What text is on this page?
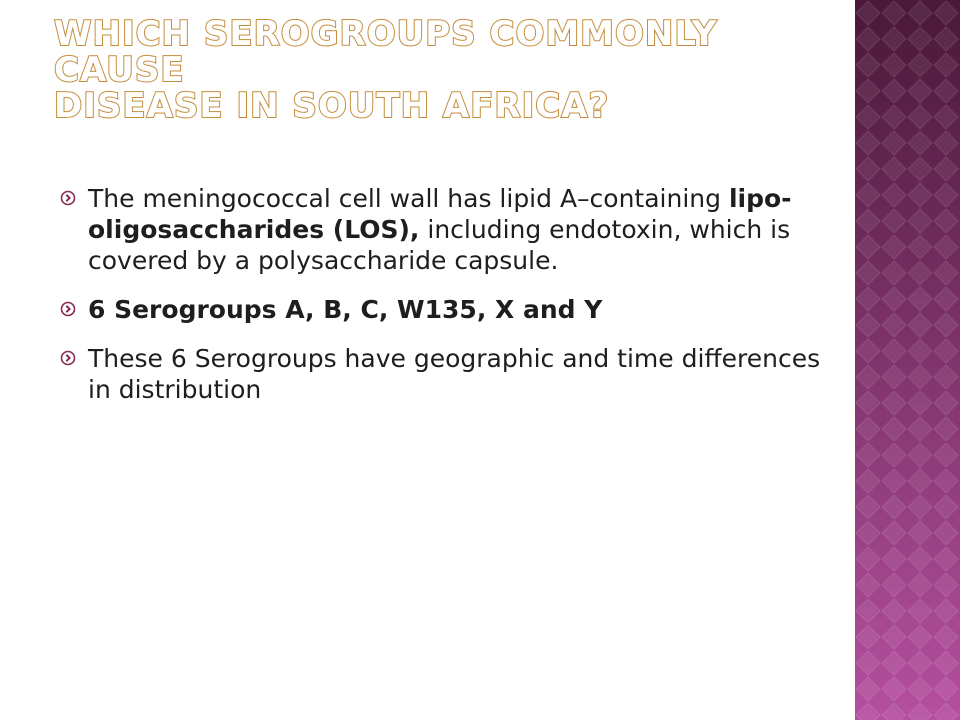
WHICH SEROGROUPS COMMONLY CAUSE
DISEASE IN SOUTH AFRICA?
The meningococcal cell wall has lipid A–containing lipo-oligosaccharides (LOS), including endotoxin, which is covered by a polysaccharide capsule.
6 Serogroups A, B, C, W135, X and Y
These 6 Serogroups have geographic and time differences in distribution
